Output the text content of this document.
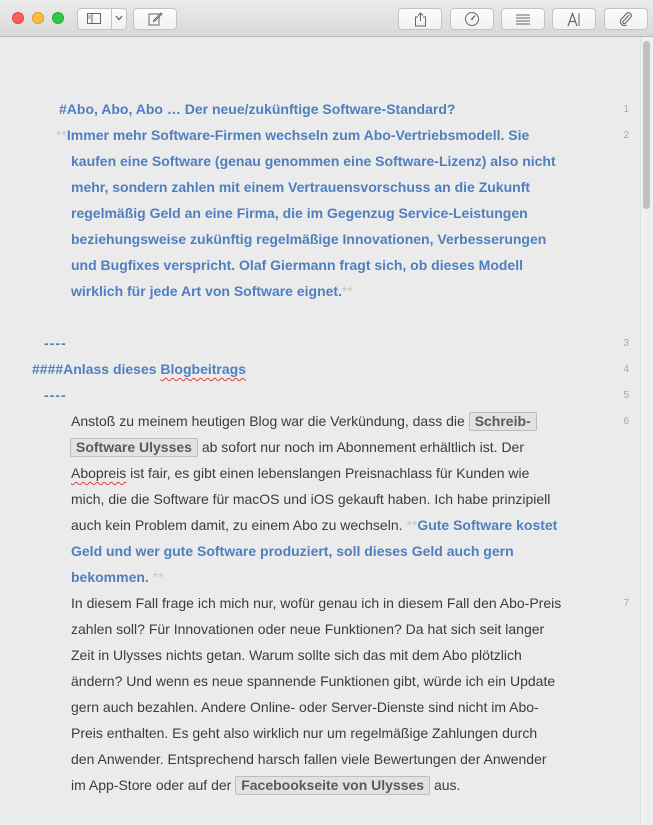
1
2
3
4
5
6
7
#Abo, Abo, Abo … Der neue/zukünftige Software-Standard?
**Immer mehr Software-Firmen wechseln zum Abo-Vertriebsmodell. Sie
kaufen eine Software (genau genommen eine Software-Lizenz) also nicht
mehr, sondern zahlen mit einem Vertrauensvorschuss an die Zukunft
regelmäßig Geld an eine Firma, die im Gegenzug Service-Leistungen
beziehungsweise zukünftig regelmäßige Innovationen, Verbesserungen
und Bugfixes verspricht. Olaf Giermann fragt sich, ob dieses Modell
wirklich für jede Art von Software eignet.**
----
####Anlass dieses Blogbeitrags
----
Anstoß zu meinem heutigen Blog war die Verkündung, dass die Schreib-
Software Ulysses ab sofort nur noch im Abonnement erhältlich ist. Der
Abopreis ist fair, es gibt einen lebenslangen Preisnachlass für Kunden wie
mich, die die Software für macOS und iOS gekauft haben. Ich habe prinzipiell
auch kein Problem damit, zu einem Abo zu wechseln. **Gute Software kostet
Geld und wer gute Software produziert, soll dieses Geld auch gern
bekommen. **
In diesem Fall frage ich mich nur, wofür genau ich in diesem Fall den Abo-Preis
zahlen soll? Für Innovationen oder neue Funktionen? Da hat sich seit langer
Zeit in Ulysses nichts getan. Warum sollte sich das mit dem Abo plötzlich
ändern? Und wenn es neue spannende Funktionen gibt, würde ich ein Update
gern auch bezahlen. Andere Online- oder Server-Dienste sind nicht im Abo-
Preis enthalten. Es geht also wirklich nur um regelmäßige Zahlungen durch
den Anwender. Entsprechend harsch fallen viele Bewertungen der Anwender
im App-Store oder auf der Facebookseite von Ulysses aus.
